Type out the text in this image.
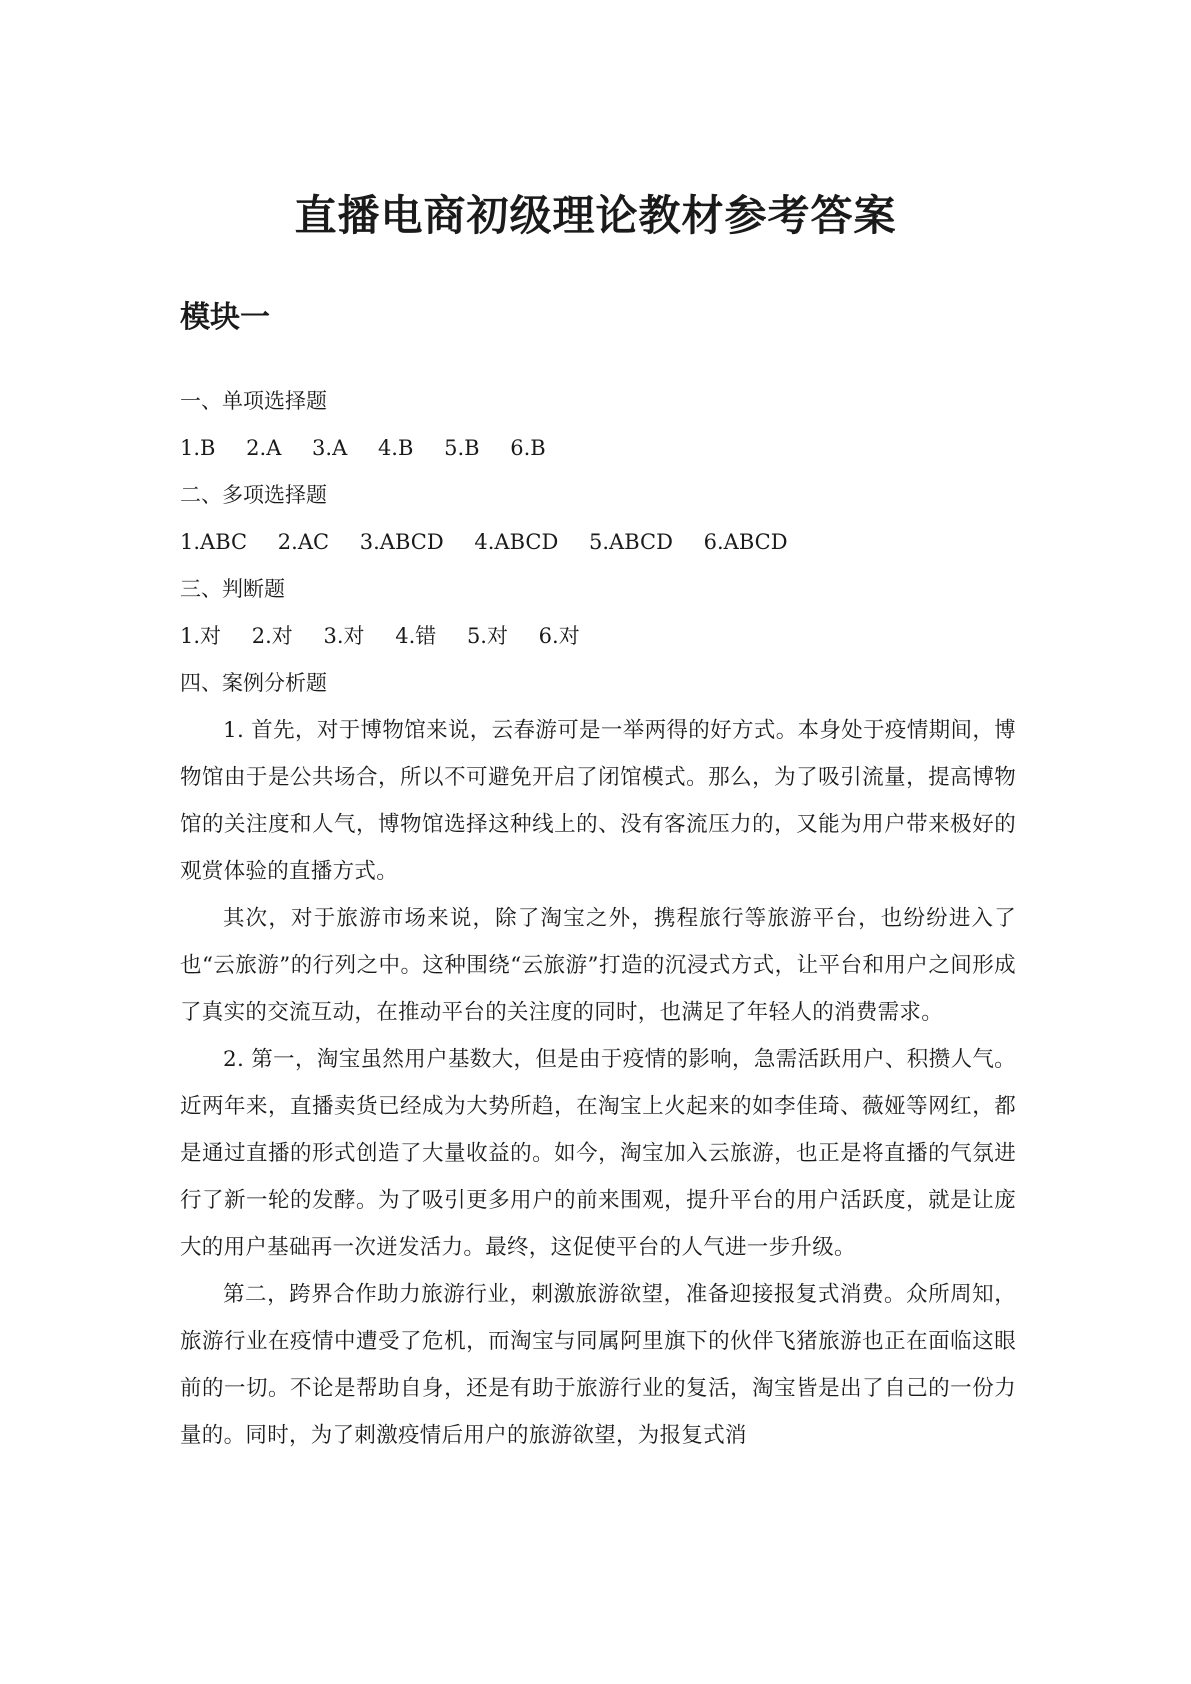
直播电商初级理论教材参考答案
模块一

一、单项选择题

1.B 2.A 3.A 4.B 5.B 6.B

二、多项选择题

1.ABC 2.AC 3.ABCD 4.ABCD 5.ABCD 6.ABCD

三、判断题

1.对 2.对 3.对 4.错 5.对 6.对

四、案例分析题

1. 首先，对于博物馆来说，云春游可是一举两得的好方式。本身处于疫情期间，博物馆由于是公共场合，所以不可避免开启了闭馆模式。那么，为了吸引流量，提高博物馆的关注度和人气，博物馆选择这种线上的、没有客流压力的，又能为用户带来极好的观赏体验的直播方式。

其次，对于旅游市场来说，除了淘宝之外，携程旅行等旅游平台，也纷纷进入了也“云旅游”的行列之中。这种围绕“云旅游”打造的沉浸式方式，让平台和用户之间形成了真实的交流互动，在推动平台的关注度的同时，也满足了年轻人的消费需求。

2. 第一，淘宝虽然用户基数大，但是由于疫情的影响，急需活跃用户、积攒人气。近两年来，直播卖货已经成为大势所趋，在淘宝上火起来的如李佳琦、薇娅等网红，都是通过直播的形式创造了大量收益的。如今，淘宝加入云旅游，也正是将直播的气氛进行了新一轮的发酵。为了吸引更多用户的前来围观，提升平台的用户活跃度，就是让庞大的用户基础再一次迸发活力。最终，这促使平台的人气进一步升级。

第二，跨界合作助力旅游行业，刺激旅游欲望，准备迎接报复式消费。众所周知，旅游行业在疫情中遭受了危机，而淘宝与同属阿里旗下的伙伴飞猪旅游也正在面临这眼前的一切。不论是帮助自身，还是有助于旅游行业的复活，淘宝皆是出了自己的一份力量的。同时，为了刺激疫情后用户的旅游欲望，为报复式消
